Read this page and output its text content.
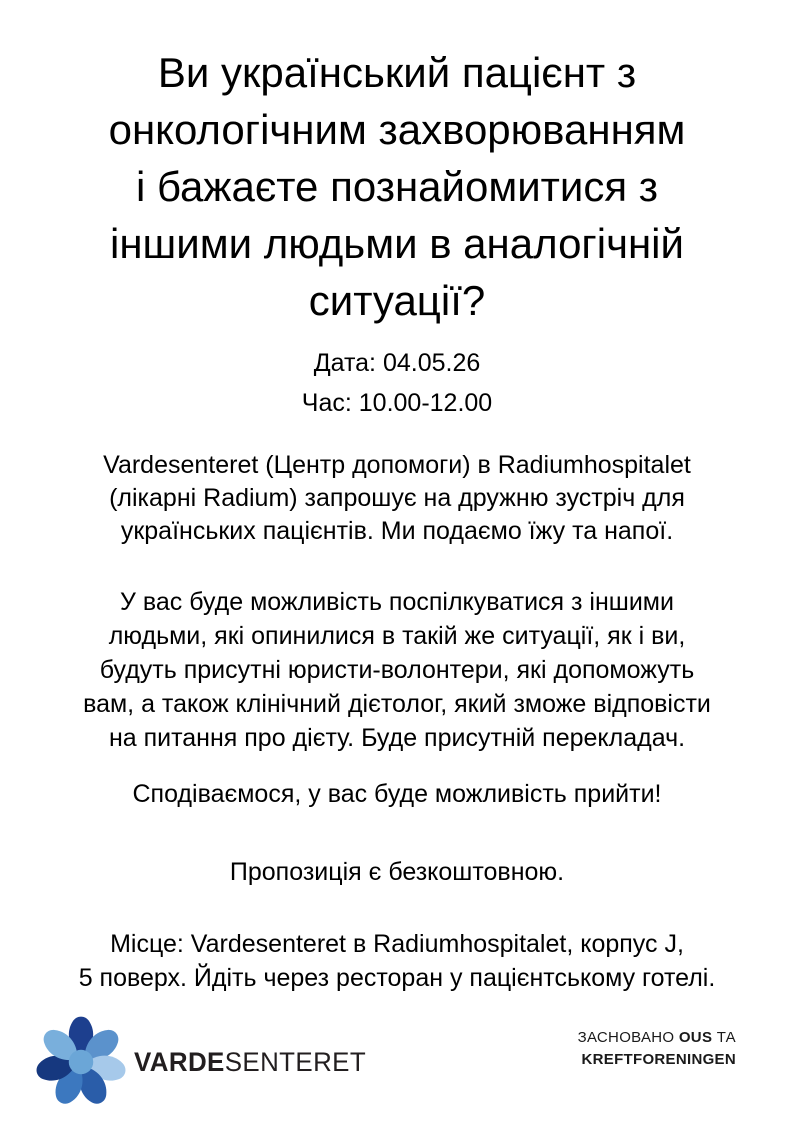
Ви український пацієнт з
онкологічним захворюванням
і бажаєте познайомитися з
іншими людьми в аналогічній
ситуації?
Дата: 04.05.26
Час: 10.00-12.00
Vardesenteret (Центр допомоги) в Radiumhospitalet
(лікарні Radium) запрошує на дружню зустріч для
українських пацієнтів. Ми подаємо їжу та напої.
У вас буде можливість поспілкуватися з іншими
людьми, які опинилися в такій же ситуації, як і ви,
будуть присутні юристи-волонтери, які допоможуть
вам, а також клінічний дієтолог, який зможе відповісти
на питання про дієту. Буде присутній перекладач.
Сподіваємося, у вас буде можливість прийти!
Пропозиція є безкоштовною.
Місце: Vardesenteret в Radiumhospitalet, корпус J,
5 поверх. Йдіть через ресторан у пацієнтському готелі.
VARDESENTERET
ЗАСНОВАНО OUS ТА
KREFTFORENINGEN
